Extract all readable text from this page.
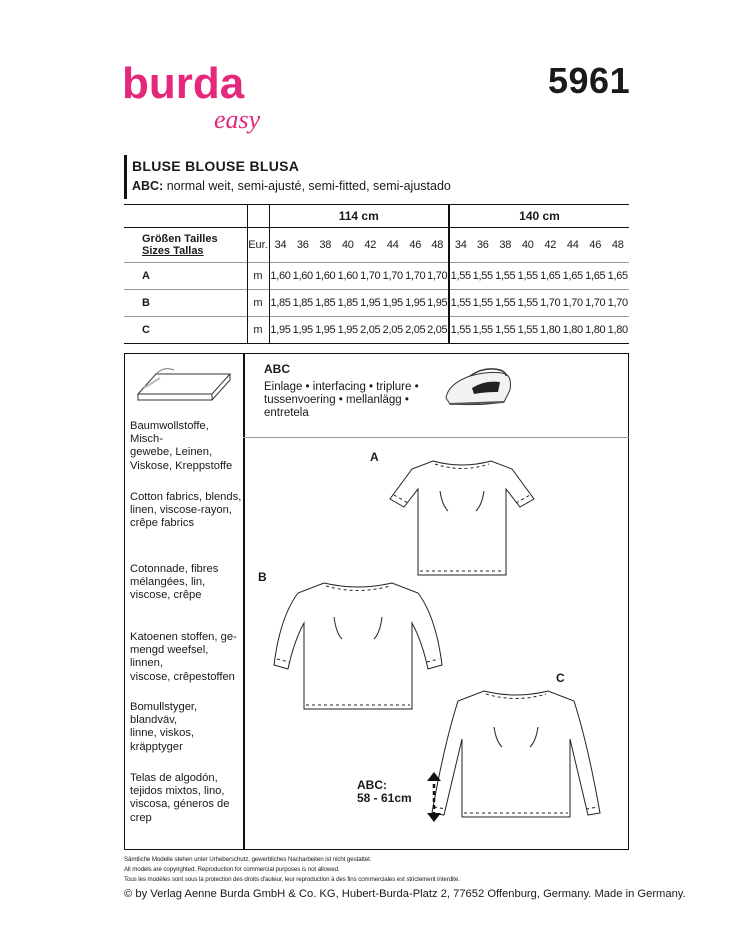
burda
easy
5961
BLUSE BLOUSE BLUSA
ABC: normal weit, semi-ajusté, semi-fitted, semi-ajustado
		114 cm								140 cm							

Größen Tailles
Sizes Tallas	Eur.	34	36	38	40	42	44	46	48	34	36	38	40	42	44	46	48
A	m	1,60	1,60	1,60	1,60	1,70	1,70	1,70	1,70	1,55	1,55	1,55	1,55	1,65	1,65	1,65	1,65
B	m	1,85	1,85	1,85	1,85	1,95	1,95	1,95	1,95	1,55	1,55	1,55	1,55	1,70	1,70	1,70	1,70
C	m	1,95	1,95	1,95	1,95	2,05	2,05	2,05	2,05	1,55	1,55	1,55	1,55	1,80	1,80	1,80	1,80

Baumwollstoffe, Misch-

gewebe, Leinen,

Viskose, Kreppstoffe

Cotton fabrics, blends,

linen, viscose-rayon,

crêpe fabrics

Cotonnade, fibres

mélangées, lin,

viscose, crêpe

Katoenen stoffen, ge-

mengd weefsel, linnen,

viscose, crêpestoffen

Bomullstyger, blandväv,

linne, viskos, kräpptyger

Telas de algodón,

tejidos mixtos, lino,

viscosa, géneros de

crep

ABC
Einlage • interfacing • triplure •
tussenvoering • mellanlägg •
entretela
A
B
C
ABC:
58 - 61cm
Sämtliche Modelle stehen unter Urheberschutz, gewerbliches Nacharbeiten ist nicht gestattet.
All models are copyrighted. Reproduction for commercial purposes is not allowed.
Tous les modèles sont sous la protection des droits d'auteur, leur reproduction à des fins commerciales est strictement interdite.
© by Verlag Aenne Burda GmbH & Co. KG, Hubert-Burda-Platz 2, 77652 Offenburg, Germany. Made in Germany.
